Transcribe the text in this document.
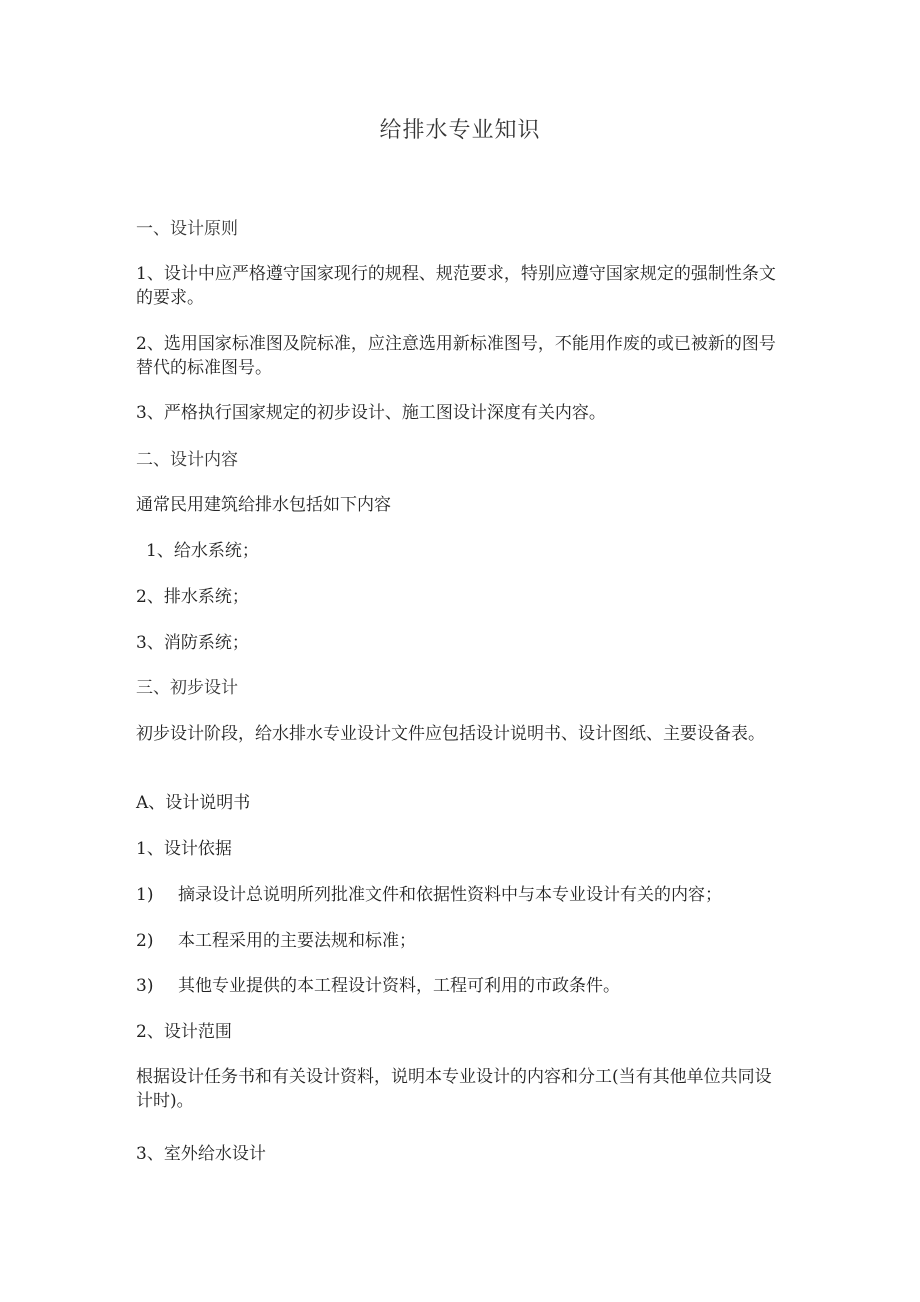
给排水专业知识
一、设计原则
1、设计中应严格遵守国家现行的规程、规范要求，特别应遵守国家规定的强制性条文的要求。
2、选用国家标准图及院标准，应注意选用新标准图号，不能用作废的或已被新的图号替代的标准图号。
3、严格执行国家规定的初步设计、施工图设计深度有关内容。
二、设计内容
通常民用建筑给排水包括如下内容
1、给水系统；
2、排水系统；
3、消防系统；
三、初步设计
初步设计阶段，给水排水专业设计文件应包括设计说明书、设计图纸、主要设备表。
A、设计说明书
1、设计依据
1) 摘录设计总说明所列批准文件和依据性资料中与本专业设计有关的内容；
2) 本工程采用的主要法规和标准；
3) 其他专业提供的本工程设计资料，工程可利用的市政条件。
2、设计范围
根据设计任务书和有关设计资料，说明本专业设计的内容和分工(当有其他单位共同设计时)。
3、室外给水设计
